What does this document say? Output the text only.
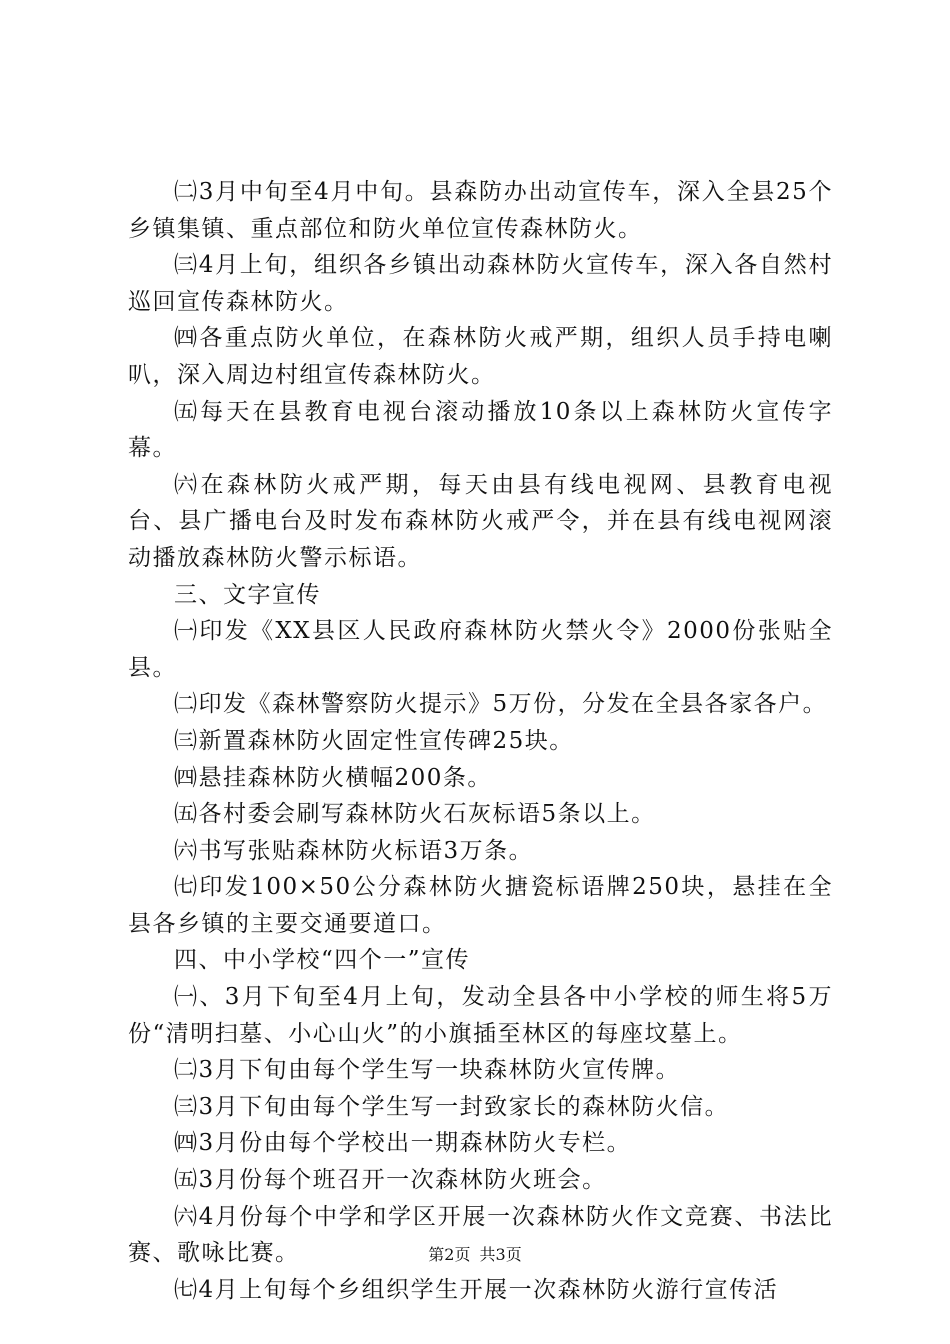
㈡3月中旬至4月中旬。县森防办出动宣传车，深入全县25个乡镇集镇、重点部位和防火单位宣传森林防火。

㈢4月上旬，组织各乡镇出动森林防火宣传车，深入各自然村巡回宣传森林防火。

㈣各重点防火单位，在森林防火戒严期，组织人员手持电喇叭，深入周边村组宣传森林防火。

㈤每天在县教育电视台滚动播放10条以上森林防火宣传字幕。

㈥在森林防火戒严期，每天由县有线电视网、县教育电视台、县广播电台及时发布森林防火戒严令，并在县有线电视网滚动播放森林防火警示标语。

三、文字宣传

㈠印发《XX县区人民政府森林防火禁火令》2000份张贴全县。

㈡印发《森林警察防火提示》5万份，分发在全县各家各户。

㈢新置森林防火固定性宣传碑25块。

㈣悬挂森林防火横幅200条。

㈤各村委会刷写森林防火石灰标语5条以上。

㈥书写张贴森林防火标语3万条。

㈦印发100×50公分森林防火搪瓷标语牌250块，悬挂在全县各乡镇的主要交通要道口。

四、中小学校“四个一”宣传

㈠、3月下旬至4月上旬，发动全县各中小学校的师生将5万份“清明扫墓、小心山火”的小旗插至林区的每座坟墓上。

㈡3月下旬由每个学生写一块森林防火宣传牌。

㈢3月下旬由每个学生写一封致家长的森林防火信。

㈣3月份由每个学校出一期森林防火专栏。

㈤3月份每个班召开一次森林防火班会。

㈥4月份每个中学和学区开展一次森林防火作文竞赛、书法比赛、歌咏比赛。

㈦4月上旬每个乡组织学生开展一次森林防火游行宣传活

第2页 共3页
